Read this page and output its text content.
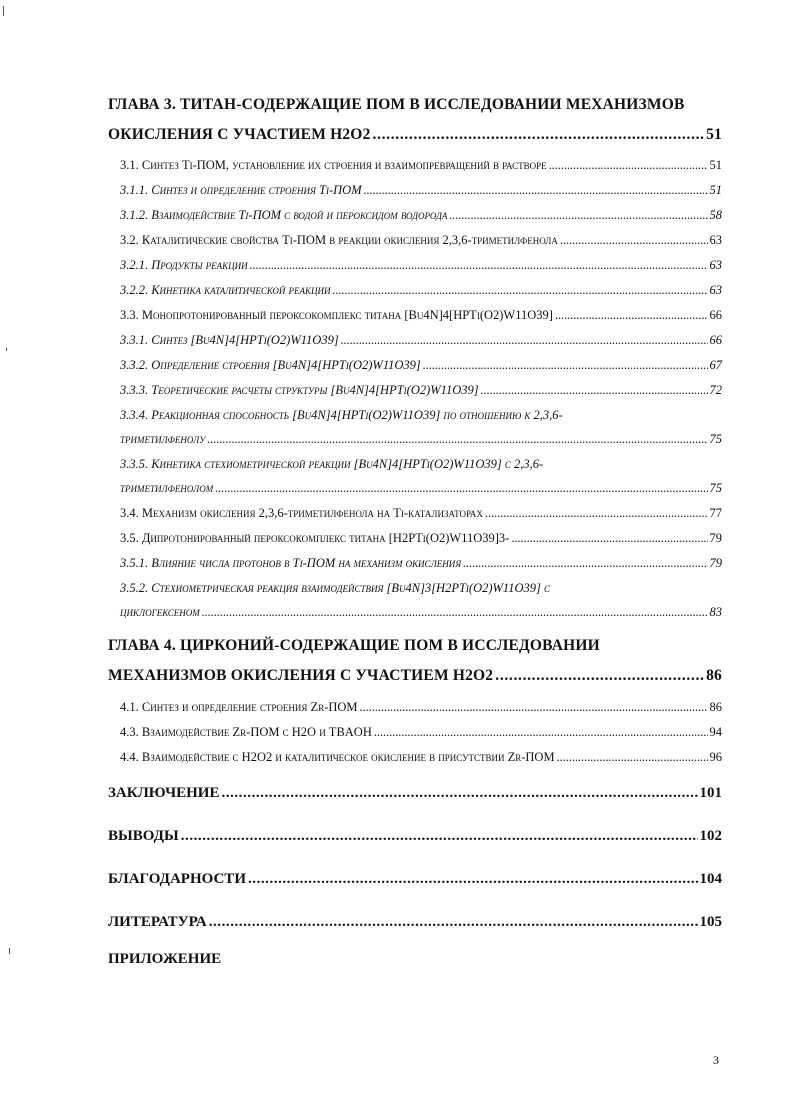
ГЛАВА 3. ТИТАН-СОДЕРЖАЩИЕ ПОМ В ИССЛЕДОВАНИИ МЕХАНИЗМОВ
ОКИСЛЕНИЯ С УЧАСТИЕМ H2O2 . . .	51
3.1. Синтез Ti-ПОМ, установление их строения и взаимопревращений в растворе . . .	51
3.1.1. Синтез и определение строения Ti-ПОМ . . .	51
3.1.2. Взаимодействие Ti-ПОМ с водой и пероксидом водорода . . .	58
3.2. Каталитические свойства Ti-ПОМ в реакции окисления 2,3,6-триметилфенола . . .	63
3.2.1. Продукты реакции . . .	63
3.2.2. Кинетика каталитической реакции . . .	63
3.3. Монопротонированный пероксокомплекс титана [Bu4N]4[HPTi(O2)W11O39] . . .	66
3.3.1. Синтез [Bu4N]4[HPTi(O2)W11O39] . . .	66
3.3.2. Определение строения [Bu4N]4[HPTi(O2)W11O39] . . .	67
3.3.3. Теоретические расчеты структуры [Bu4N]4[HPTi(O2)W11O39] . . .	72
3.3.4. Реакционная способность [Bu4N]4[HPTi(O2)W11O39] по отношению к 2,3,6-
триметилфенолу . . .	75
3.3.5. Кинетика стехиометрической реакции [Bu4N]4[HPTi(O2)W11O39] с 2,3,6-
триметилфенолом . . .	75
3.4. Механизм окисления 2,3,6-триметилфенола на Ti-катализаторах . . .	77
3.5. Дипротонированный пероксокомплекс титана [H2PTi(O2)W11O39]3- . . .	79
3.5.1. Влияние числа протонов в Ti-ПОМ на механизм окисления . . .	79
3.5.2. Стехиометрическая реакция взаимодействия [Bu4N]3[H2PTi(O2)W11O39] с
циклогексеном . . .	83
ГЛАВА 4. ЦИРКОНИЙ-СОДЕРЖАЩИЕ ПОМ В ИССЛЕДОВАНИИ
МЕХАНИЗМОВ ОКИСЛЕНИЯ С УЧАСТИЕМ H2O2 . . .	86
4.1. Синтез и определение строения Zr-ПОМ . . .	86
4.3. Взаимодействие Zr-ПОМ с H2O и TBAOH . . .	94
4.4. Взаимодействие с H2O2 и каталитическое окисление в присутствии Zr-ПОМ . . .	96
ЗАКЛЮЧЕНИЕ . . .	101
ВЫВОДЫ . . .	102
БЛАГОДАРНОСТИ . . .	104
ЛИТЕРАТУРА . . .	105
ПРИЛОЖЕНИЕ
3
